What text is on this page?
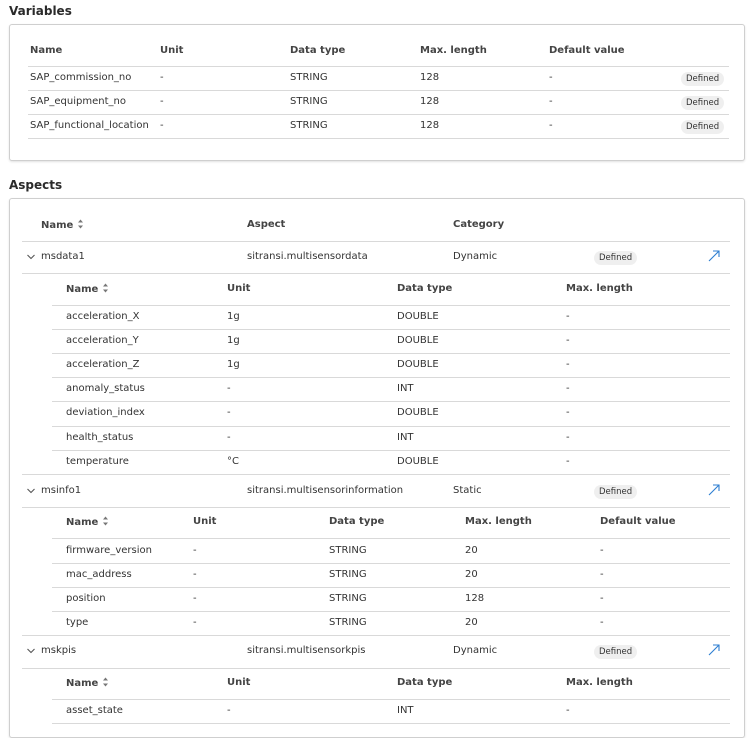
Variables
Name	Unit	Data type	Max. length	Default value
SAP_commission_no	-	STRING	128	-	Defined
SAP_equipment_no	-	STRING	128	-	Defined
SAP_functional_location -	STRING	128	-	Defined
Aspects
Name	Aspect	Category
msdata1	sitransi.multisensordata	Dynamic	Defined
Name	Unit	Data type	Max. length
acceleration_X	1g	DOUBLE	-
acceleration_Y	1g	DOUBLE	-
acceleration_Z	1g	DOUBLE	-
anomaly_status	-	INT	-
deviation_index	-	DOUBLE	-
health_status	-	INT	-
temperature	°C	DOUBLE	-
msinfo1	sitransi.multisensorinformation	Static	Defined
Name	Unit	Data type	Max. length	Default value
firmware_version	-	STRING	20	-
mac_address	-	STRING	20	-
position	-	STRING	128	-
type	-	STRING	20	-
mskpis	sitransi.multisensorkpis	Dynamic	Defined
Name	Unit	Data type	Max. length
asset_state	-	INT	-
